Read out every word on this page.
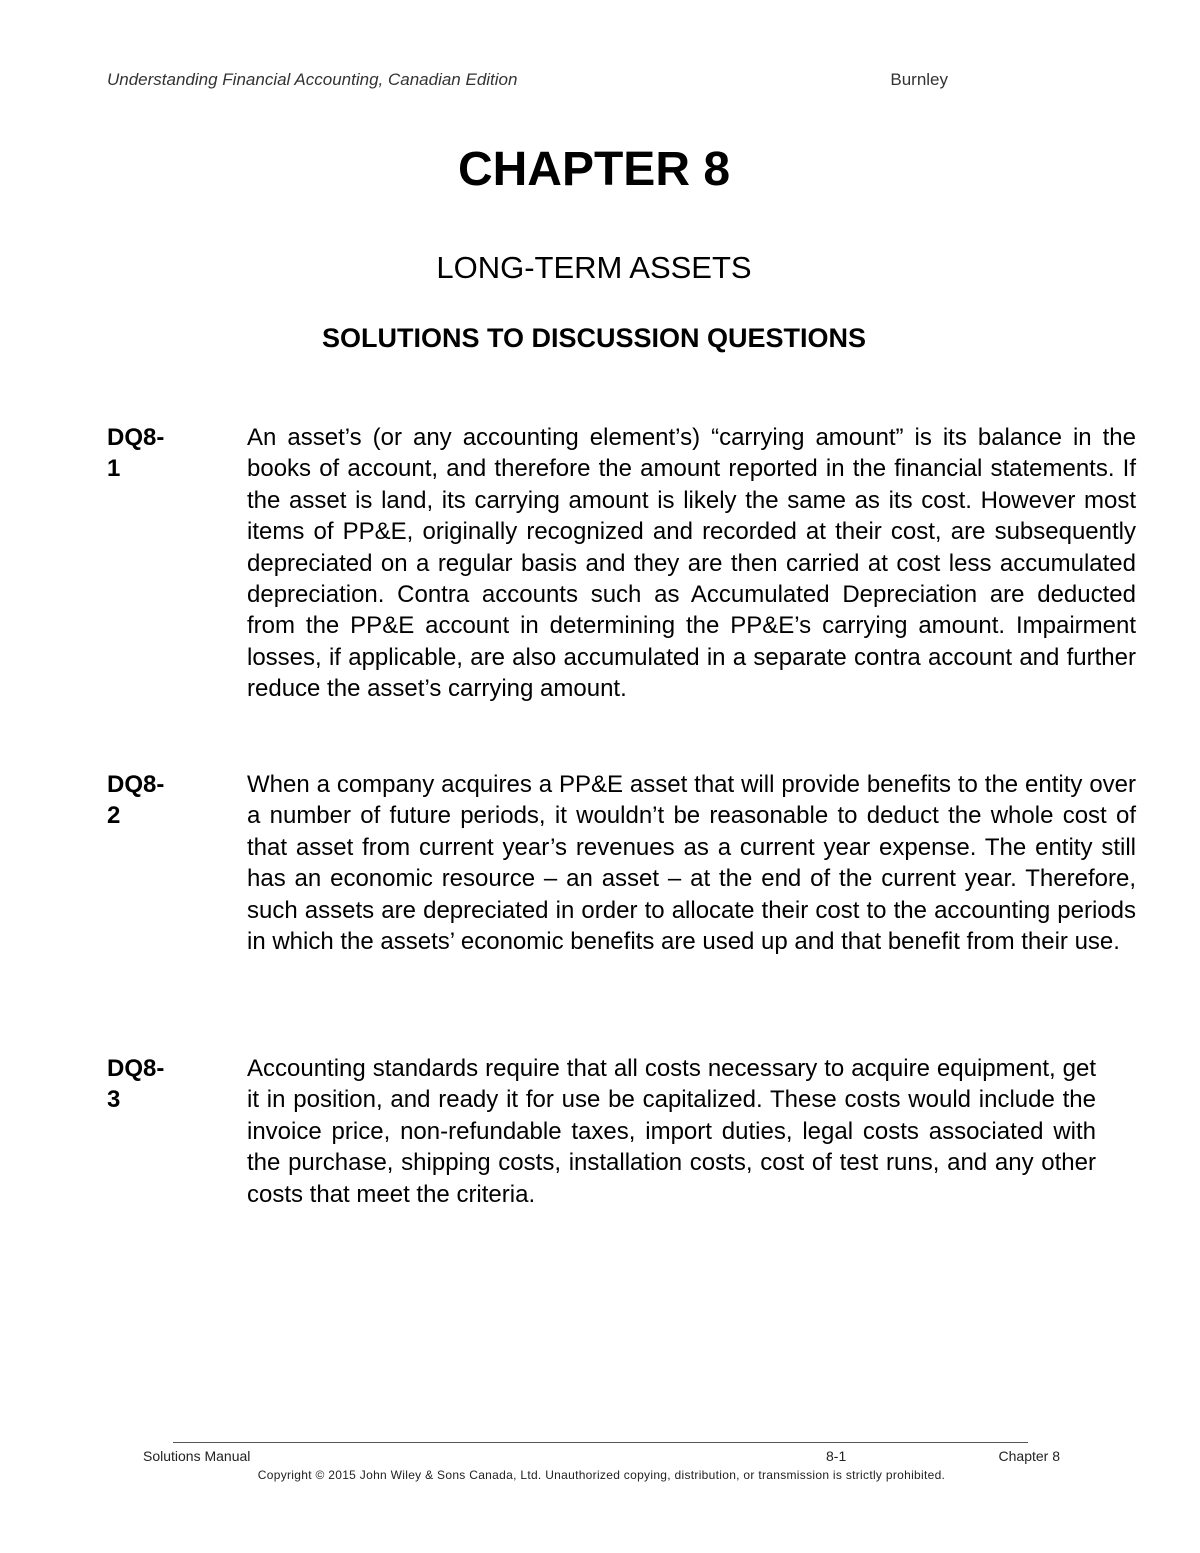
Understanding Financial Accounting, Canadian Edition	Burnley
CHAPTER 8
LONG-TERM ASSETS
SOLUTIONS TO DISCUSSION QUESTIONS
DQ8-1

An asset’s (or any accounting element’s) “carrying amount” is its balance in the books of account, and therefore the amount reported in the financial statements. If the asset is land, its carrying amount is likely the same as its cost. However most items of PP&E, originally recognized and recorded at their cost, are subsequently depreciated on a regular basis and they are then carried at cost less accumulated depreciation. Contra accounts such as Accumulated Depreciation are deducted from the PP&E account in determining the PP&E’s carrying amount. Impairment losses, if applicable, are also accumulated in a separate contra account and further reduce the asset’s carrying amount.

DQ8-2

When a company acquires a PP&E asset that will provide benefits to the entity over a number of future periods, it wouldn’t be reasonable to deduct the whole cost of that asset from current year’s revenues as a current year expense. The entity still has an economic resource – an asset – at the end of the current year. Therefore, such assets are depreciated in order to allocate their cost to the accounting periods in which the assets’ economic benefits are used up and that benefit from their use.

DQ8-3

Accounting standards require that all costs necessary to acquire equipment, get it in position, and ready it for use be capitalized. These costs would include the invoice price, non-refundable taxes, import duties, legal costs associated with the purchase, shipping costs, installation costs, cost of test runs, and any other costs that meet the criteria.

Solutions Manual	8-1	Chapter 8
Copyright © 2015 John Wiley & Sons Canada, Ltd. Unauthorized copying, distribution, or transmission is strictly prohibited.
